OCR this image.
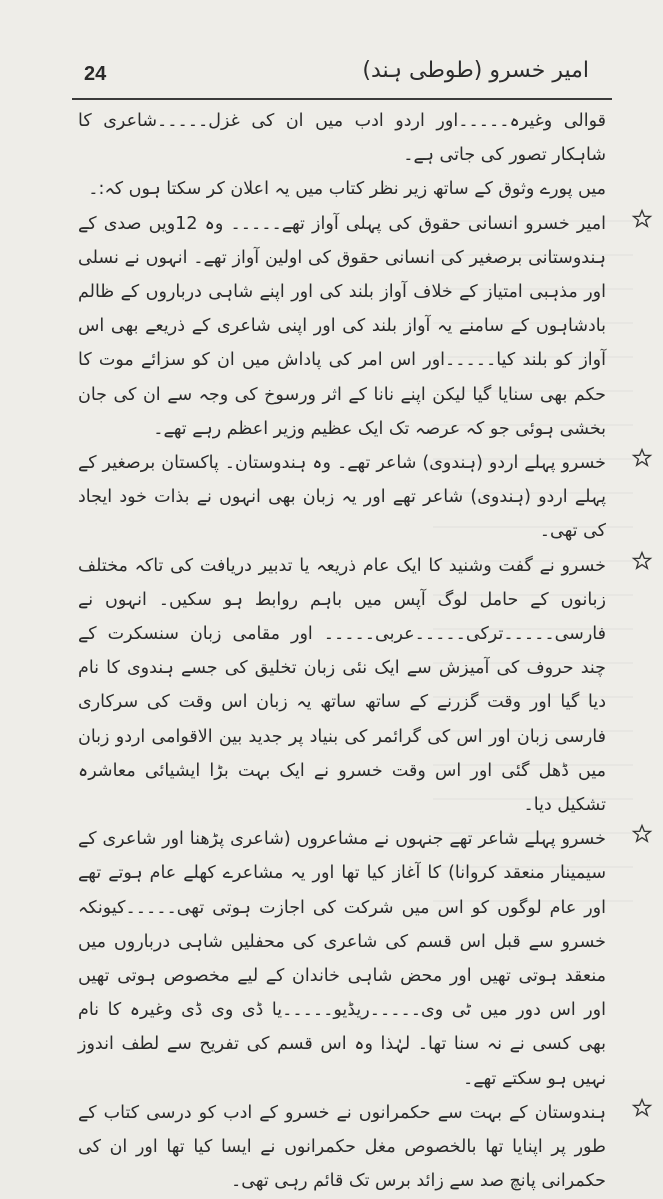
24	امیر خسرو (طوطی ہند)

قوالی وغیرہ۔۔۔۔۔اور اردو ادب میں ان کی غزل۔۔۔۔۔شاعری کا شاہکار تصور کی جاتی ہے۔

میں پورے وثوق کے ساتھ زیر نظر کتاب میں یہ اعلان کر سکتا ہوں کہ:۔

امیر خسرو انسانی حقوق کی پہلی آواز تھے۔۔۔۔۔ وہ 12ویں صدی کے ہندوستانی برصغیر کی انسانی حقوق کی اولین آواز تھے۔ انہوں نے نسلی اور مذہبی امتیاز کے خلاف آواز بلند کی اور اپنے شاہی درباروں کے ظالم بادشاہوں کے سامنے یہ آواز بلند کی اور اپنی شاعری کے ذریعے بھی اس آواز کو بلند کیا۔۔۔۔۔اور اس امر کی پاداش میں ان کو سزائے موت کا حکم بھی سنایا گیا لیکن اپنے نانا کے اثر ورسوخ کی وجہ سے ان کی جان بخشی ہوئی جو کہ عرصہ تک ایک عظیم وزیر اعظم رہے تھے۔

خسرو پہلے اردو (ہندوی) شاعر تھے۔ وہ ہندوستان۔ پاکستان برصغیر کے پہلے اردو (ہندوی) شاعر تھے اور یہ زبان بھی انہوں نے بذات خود ایجاد کی تھی۔

خسرو نے گفت وشنید کا ایک عام ذریعہ یا تدبیر دریافت کی تاکہ مختلف زبانوں کے حامل لوگ آپس میں باہم روابط ہو سکیں۔ انہوں نے فارسی۔۔۔۔۔ترکی۔۔۔۔۔عربی۔۔۔۔۔ اور مقامی زبان سنسکرت کے چند حروف کی آمیزش سے ایک نئی زبان تخلیق کی جسے ہندوی کا نام دیا گیا اور وقت گزرنے کے ساتھ ساتھ یہ زبان اس وقت کی سرکاری فارسی زبان اور اس کی گرائمر کی بنیاد پر جدید بین الاقوامی اردو زبان میں ڈھل گئی اور اس وقت خسرو نے ایک بہت بڑا ایشیائی معاشرہ تشکیل دیا۔

خسرو پہلے شاعر تھے جنہوں نے مشاعروں (شاعری پڑھنا اور شاعری کے سیمینار منعقد کروانا) کا آغاز کیا تھا اور یہ مشاعرے کھلے عام ہوتے تھے اور عام لوگوں کو اس میں شرکت کی اجازت ہوتی تھی۔۔۔۔۔کیونکہ خسرو سے قبل اس قسم کی شاعری کی محفلیں شاہی درباروں میں منعقد ہوتی تھیں اور محض شاہی خاندان کے لیے مخصوص ہوتی تھیں اور اس دور میں ٹی وی۔۔۔۔۔ریڈیو۔۔۔۔۔یا ڈی وی ڈی وغیرہ کا نام بھی کسی نے نہ سنا تھا۔ لہٰذا وہ اس قسم کی تفریح سے لطف اندوز نہیں ہو سکتے تھے۔

ہندوستان کے بہت سے حکمرانوں نے خسرو کے ادب کو درسی کتاب کے طور پر اپنایا تھا بالخصوص مغل حکمرانوں نے ایسا کیا تھا اور ان کی حکمرانی پانچ صد سے زائد برس تک قائم رہی تھی۔
